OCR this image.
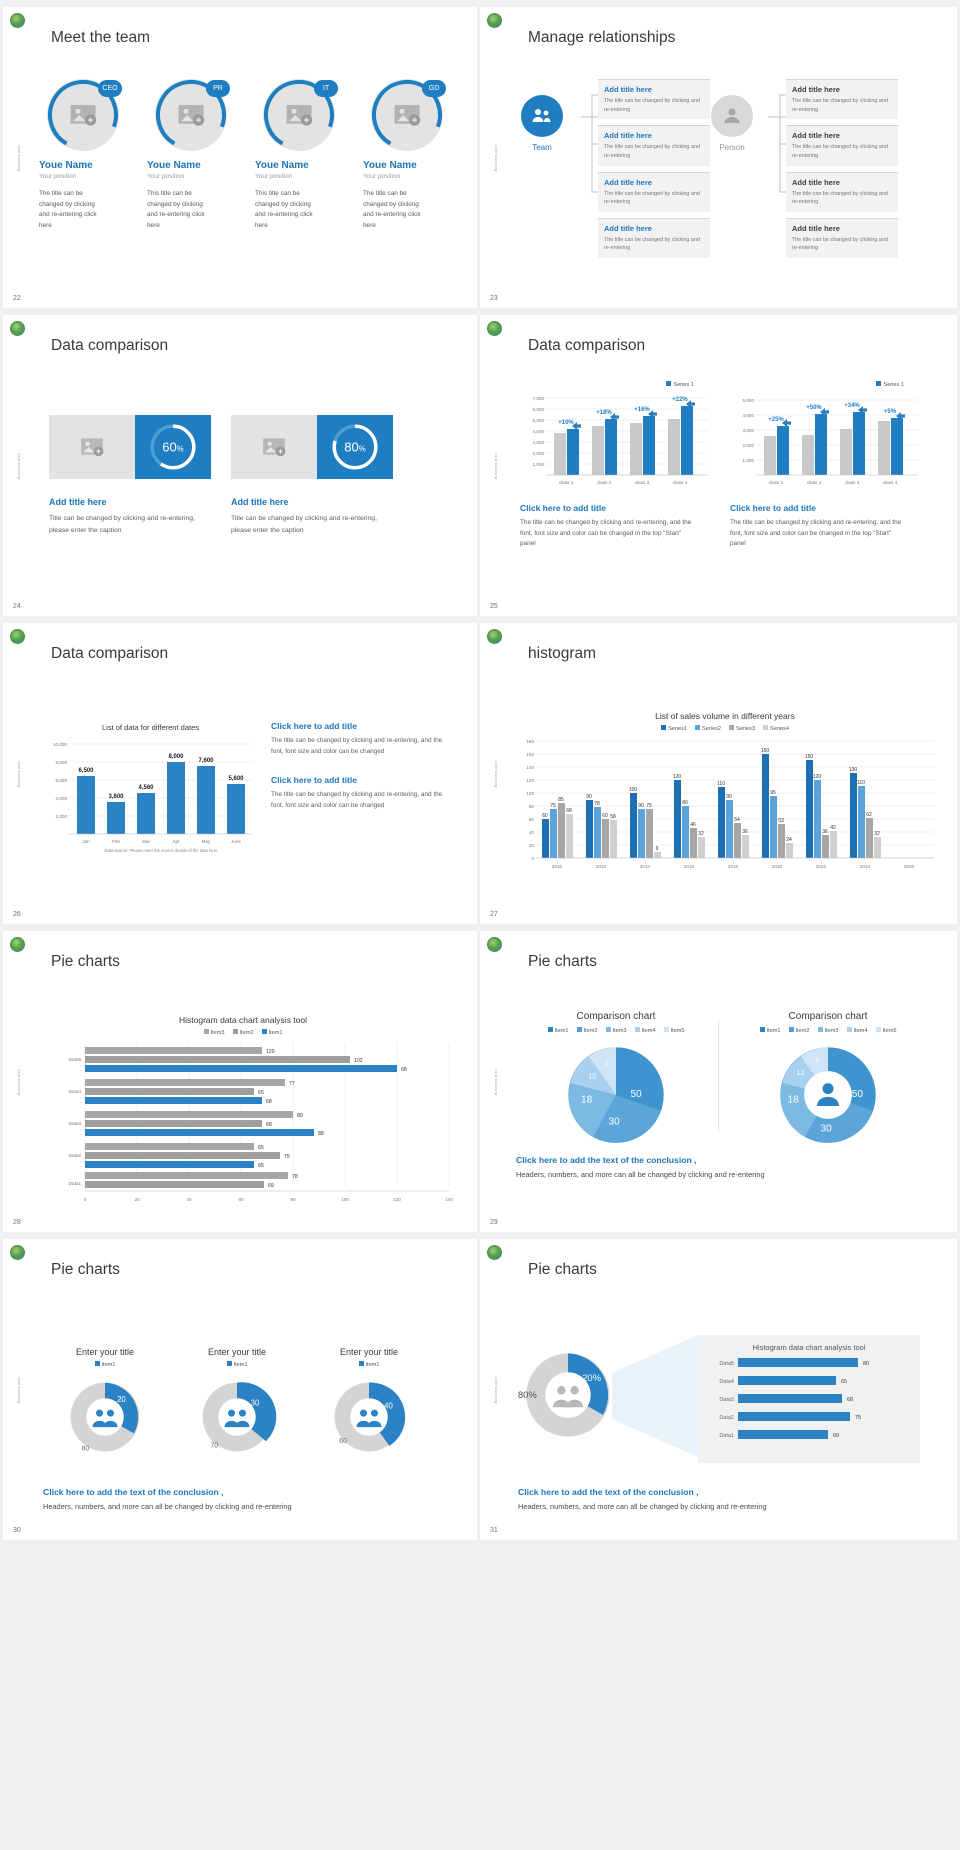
Business plan
Meet the team
CEO
Youe Name
Your position
The title can be changed by clicking and re-entering click here
PR
Youe Name
Your position
This title can be changed by clicking and re-entering click here
IT
Youe Name
Your position
This title can be changed by clicking and re-entering click here
GD
Youe Name
Your position
The title can be changed by clicking and re-entering click here
22
Business plan
Manage relationships
Team
Add title here
The title can be changed by clicking and re-entering
Add title here
The title can be changed by clicking and re-entering
Add title here
The title can be changed by clicking and re-entering
Add title here
The title can be changed by clicking and re-entering
Person
Add title here
The title can be changed by clicking and re-entering
Add title here
The title can be changed by clicking and re-entering
Add title here
The title can be changed by clicking and re-entering
Add title here
The title can be changed by clicking and re-entering
23
Business plan
Data comparison
60%
Add title here
Title can be changed by clicking and re-entering, please enter the caption
80%
Add title here
Title can be changed by clicking and re-entering, please enter the caption
24
Business plan
Data comparison
Series 1
7,000
6,000
5,000
4,000
3,000
2,000
1,000
+10%
+18%	+16%
+22%
class 1	class 2	class 3	class 4
Click here to add title
The title can be changed by clicking and re-entering, and the font, font size and color can be changed in the top "Start" panel
Series 1
5,000
4,000
3,000
2,000
1,000
+25%
+50%	+34%
+5%
class 1	class 2	class 3	class 4
Click here to add title
The title can be changed by clicking and re-entering, and the font, font size and color can be changed in the top "Start" panel
25
Business plan
Data comparison
List of data for different dates
10,000
8,000
6,000
4,000
2,000
6,500
3,600
4,560
8,000
7,600
5,600
Jan	Feb	Mar	Apr	May	June
Data source: Please enter the source details of the data here
Click here to add title
The title can be changed by clicking and re-entering, and the font, font size and color can be changed
Click here to add title
The title can be changed by clicking and re-entering, and the font, font size and color can be changed
26
Business plan
histogram
List of sales volume in different years
Series1	Series2	Series3	Series4
180
160
140
120
100
80
60
40
20
0
60
75
85
68
90
78
60 58
100
90 75
9
120
80
46
32
110
90
54
36
160
95
53
24
150
120
36
42
130
110
62
32
2010	2012	2014	2016	2018	2020	2022	2024	2026
27
Business plan
Pie charts
Histogram data chart analysis tool
Item3	Item2	Item1
120
102
68
77
65
68
80
68
88
65
75
65
78
69
Data5
Data4
Data3
Data2
Data1
0	20	40	60	80	100	120	140
28
Business plan
Pie charts
Comparison chart
Item1	Item2	Item3	Item4	Item5
50
30
18
12
5
Comparison chart
Item1	Item2	Item3	Item4	Item5
50
30
18
12
5
Click here to add the text of the conclusion ,
Headers, numbers, and more can all be changed by clicking and re-entering
29
Business plan
Pie charts
Enter your title
Item1
20
80
Enter your title
Item1
30
70
Enter your title
Item1
40
60
Click here to add the text of the conclusion ,
Headers, numbers, and more can all be changed by clicking and re-entering
30
Business plan
Pie charts
20%
80%
Histogram data chart analysis tool
80
65
68
75
60
Data5
Data4
Data3
Data2
Data1
Click here to add the text of the conclusion ,
Headers, numbers, and more can all be changed by clicking and re-entering
31
